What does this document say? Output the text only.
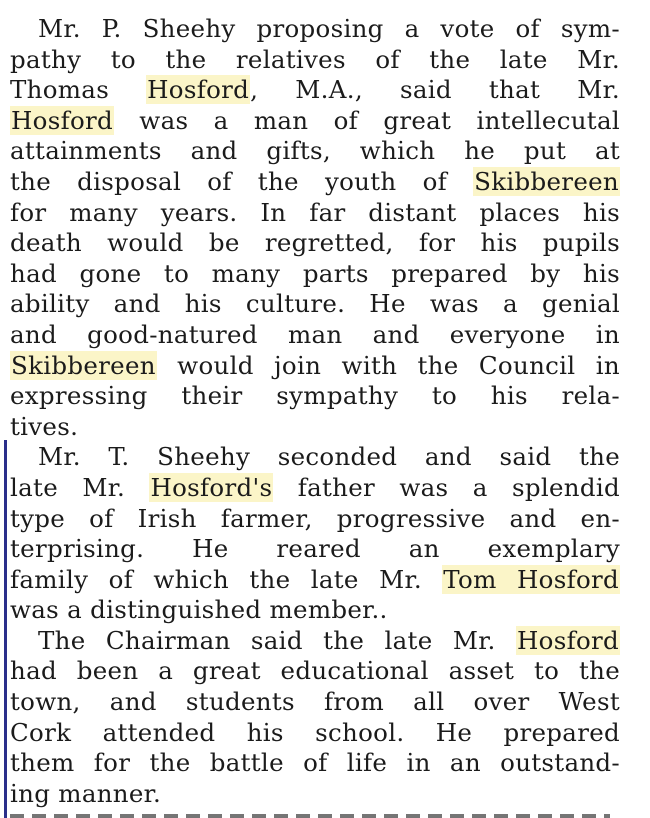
Mr. P. Sheehy proposing a vote of sym-
pathy to the relatives of the late Mr.
Thomas Hosford, M.A., said that Mr.
Hosford was a man of great intellecutal
attainments and gifts, which he put at
the disposal of the youth of Skibbereen
for many years. In far distant places his
death would be regretted, for his pupils
had gone to many parts prepared by his
ability and his culture. He was a genial
and good-natured man and everyone in
Skibbereen would join with the Council in
expressing their sympathy to his rela-
tives.
Mr. T. Sheehy seconded and said the
late Mr. Hosford's father was a splendid
type of Irish farmer, progressive and en-
terprising. He reared an exemplary
family of which the late Mr. Tom Hosford
was a distinguished member..
The Chairman said the late Mr. Hosford
had been a great educational asset to the
town, and students from all over West
Cork attended his school. He prepared
them for the battle of life in an outstand-
ing manner.
